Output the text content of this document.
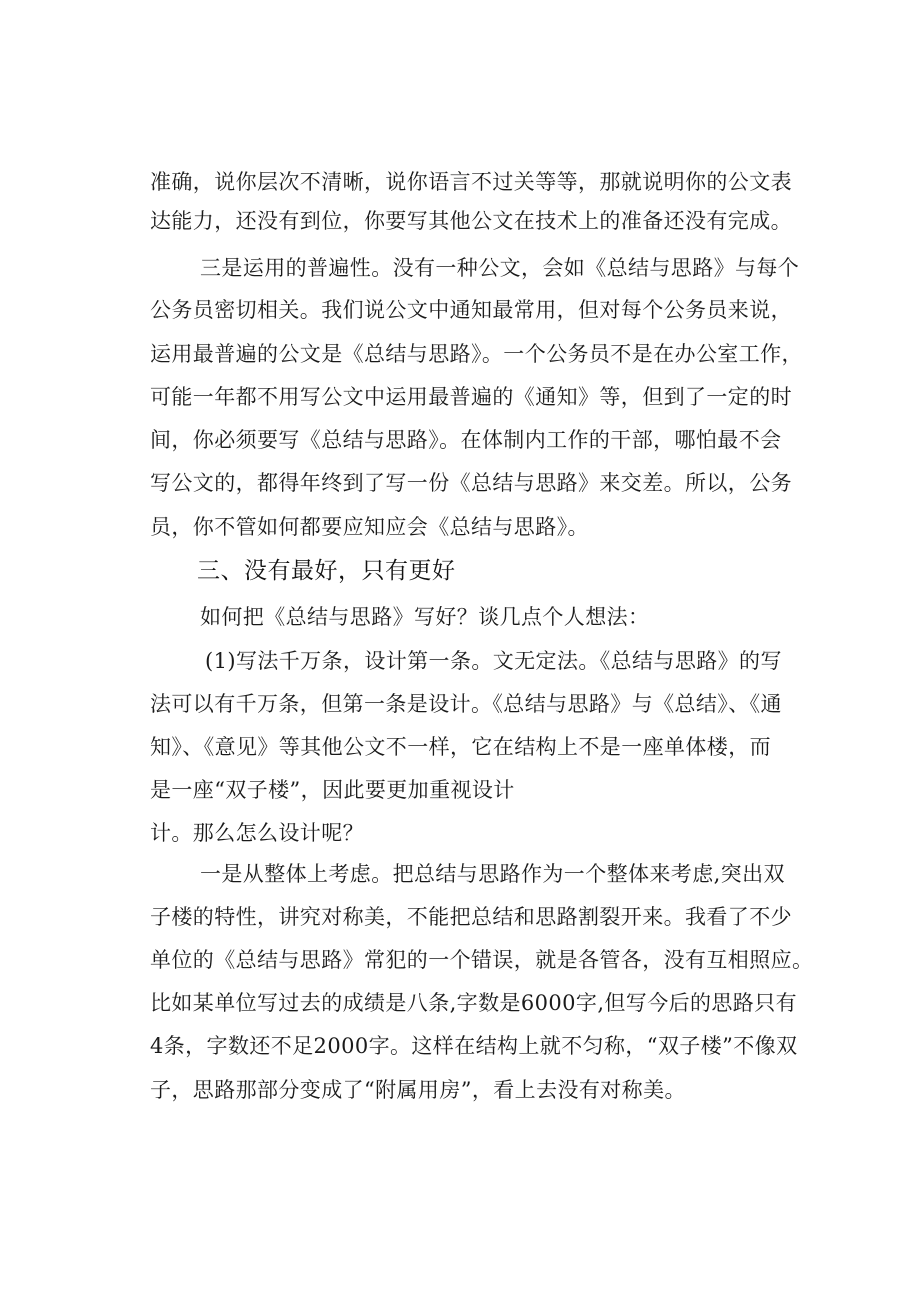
准确，说你层次不清晰，说你语言不过关等等，那就说明你的公文表
达能力，还没有到位，你要写其他公文在技术上的准备还没有完成。
三是运用的普遍性。没有一种公文，会如《总结与思路》与每个
公务员密切相关。我们说公文中通知最常用，但对每个公务员来说，
运用最普遍的公文是《总结与思路》。一个公务员不是在办公室工作，
可能一年都不用写公文中运用最普遍的《通知》等，但到了一定的时
间，你必须要写《总结与思路》。在体制内工作的干部，哪怕最不会
写公文的，都得年终到了写一份《总结与思路》来交差。所以，公务
员，你不管如何都要应知应会《总结与思路》。
三、没有最好，只有更好
如何把《总结与思路》写好？谈几点个人想法：
(1)写法千万条，设计第一条。文无定法。《总结与思路》的写
法可以有千万条，但第一条是设计。《总结与思路》与《总结》、《通
知》、《意见》等其他公文不一样，它在结构上不是一座单体楼，而
是一座“双子楼”，因此要更加重视设计
计。那么怎么设计呢？
一是从整体上考虑。把总结与思路作为一个整体来考虑,突出双
子楼的特性，讲究对称美，不能把总结和思路割裂开来。我看了不少
单位的《总结与思路》常犯的一个错误，就是各管各，没有互相照应。
比如某单位写过去的成绩是八条,字数是6000字,但写今后的思路只有
4条，字数还不足2000字。这样在结构上就不匀称，“双子楼”不像双
子，思路那部分变成了“附属用房”，看上去没有对称美。
